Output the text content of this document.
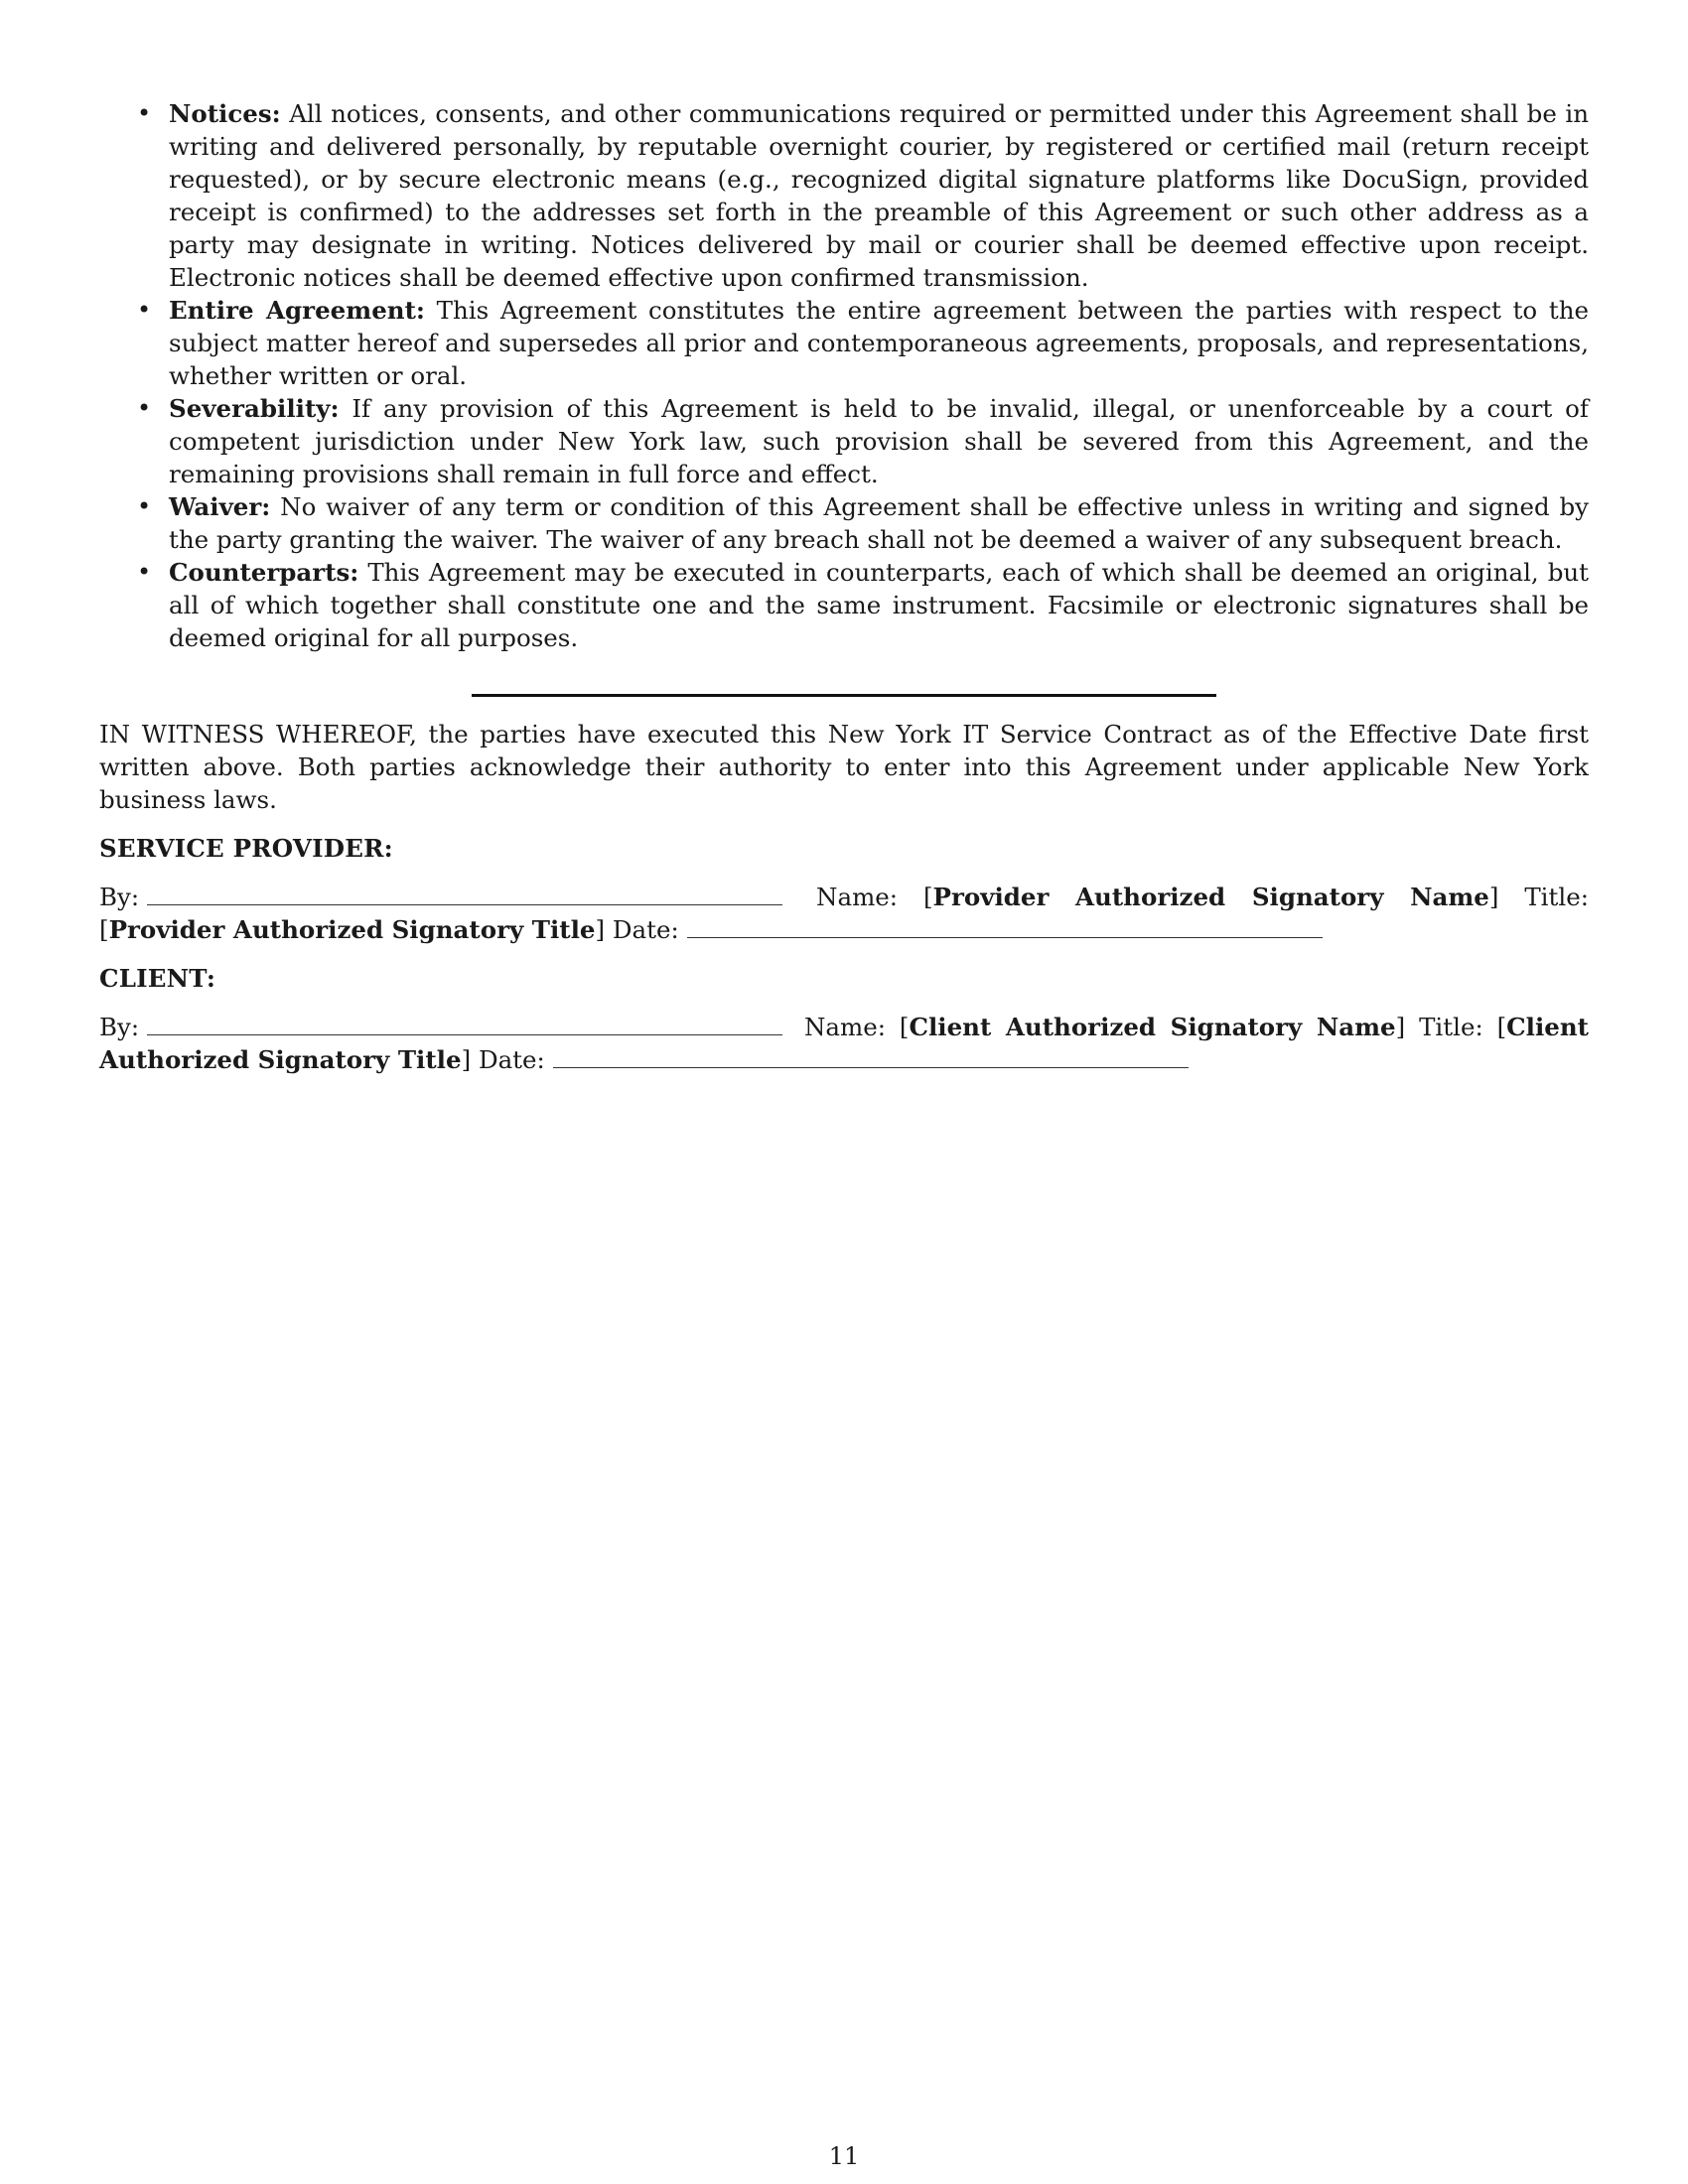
• Notices: All notices, consents, and other communications required or permitted under this Agreement shall be in writing and delivered personally, by reputable overnight courier, by registered or certified mail (return receipt requested), or by secure electronic means (e.g., recognized digital signature platforms like DocuSign, provided receipt is confirmed) to the addresses set forth in the preamble of this Agreement or such other address as a party may designate in writing. Notices delivered by mail or courier shall be deemed effective upon receipt. Electronic notices shall be deemed effective upon confirmed transmission.
• Entire Agreement: This Agreement constitutes the entire agreement between the parties with respect to the subject matter hereof and supersedes all prior and contemporaneous agreements, proposals, and representations, whether written or oral.
• Severability: If any provision of this Agreement is held to be invalid, illegal, or unenforceable by a court of competent jurisdiction under New York law, such provision shall be severed from this Agreement, and the remaining provisions shall remain in full force and effect.
• Waiver: No waiver of any term or condition of this Agreement shall be effective unless in writing and signed by the party granting the waiver. The waiver of any breach shall not be deemed a waiver of any subsequent breach.
• Counterparts: This Agreement may be executed in counterparts, each of which shall be deemed an original, but all of which together shall constitute one and the same instrument. Facsimile or electronic signatures shall be deemed original for all purposes.

IN WITNESS WHEREOF, the parties have executed this New York IT Service Contract as of the Effective Date first written above. Both parties acknowledge their authority to enter into this Agreement under applicable New York business laws.

SERVICE PROVIDER:
By:	Name: [Provider Authorized Signatory Name] Title: [Provider Authorized Signatory Title] Date:
CLIENT:
By:	Name: [Client Authorized Signatory Name] Title: [Client Authorized Signatory Title] Date:
11
